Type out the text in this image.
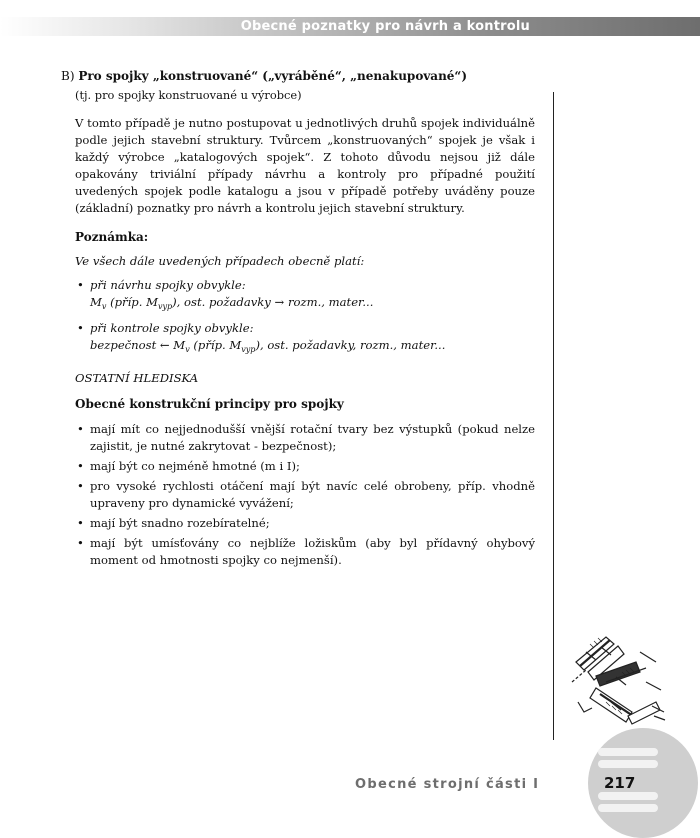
Obecné poznatky pro návrh a kontrolu
B) Pro spojky „konstruované“ („vyráběné“, „nenakupované“)
(tj. pro spojky konstruované u výrobce)

V tomto případě je nutno postupovat u jednotlivých druhů spojek individuálně podle jejich stavební struktury. Tvůrcem „konstruovaných“ spojek je však i každý výrobce „katalogových spojek“. Z tohoto důvodu nejsou již dále opakovány triviální případy návrhu a kontroly pro případné použití uvedených spojek podle katalogu a jsou v případě potřeby uváděny pouze (základní) poznatky pro návrh a kontrolu jejich stavební struktury.

Poznámka:
Ve všech dále uvedených případech obecně platí:
• při návrhu spojky obvykle:
$M_v$ (příp. $M_{vyp}$), ost. požadavky → rozm., mater...
• při kontrole spojky obvykle:
bezpečnost ← $M_v$ (příp. $M_{vyp}$), ost. požadavky, rozm., mater...
OSTATNÍ HLEDISKA
Obecné konstrukční principy pro spojky
• mají mít co nejjednodušší vnější rotační tvary bez výstupků (pokud nelze zajistit, je nutné zakrytovat - bezpečnost);
• mají být co nejméně hmotné (m i I);
• pro vysoké rychlosti otáčení mají být navíc celé obrobeny, příp. vhodně upraveny pro dynamické vyvážení;
• mají být snadno rozebíratelné;
• mají být umísťovány co nejblíže ložiskům (aby byl přídavný ohybový moment od hmotnosti spojky co nejmenší).
Obecné strojní části I	217
